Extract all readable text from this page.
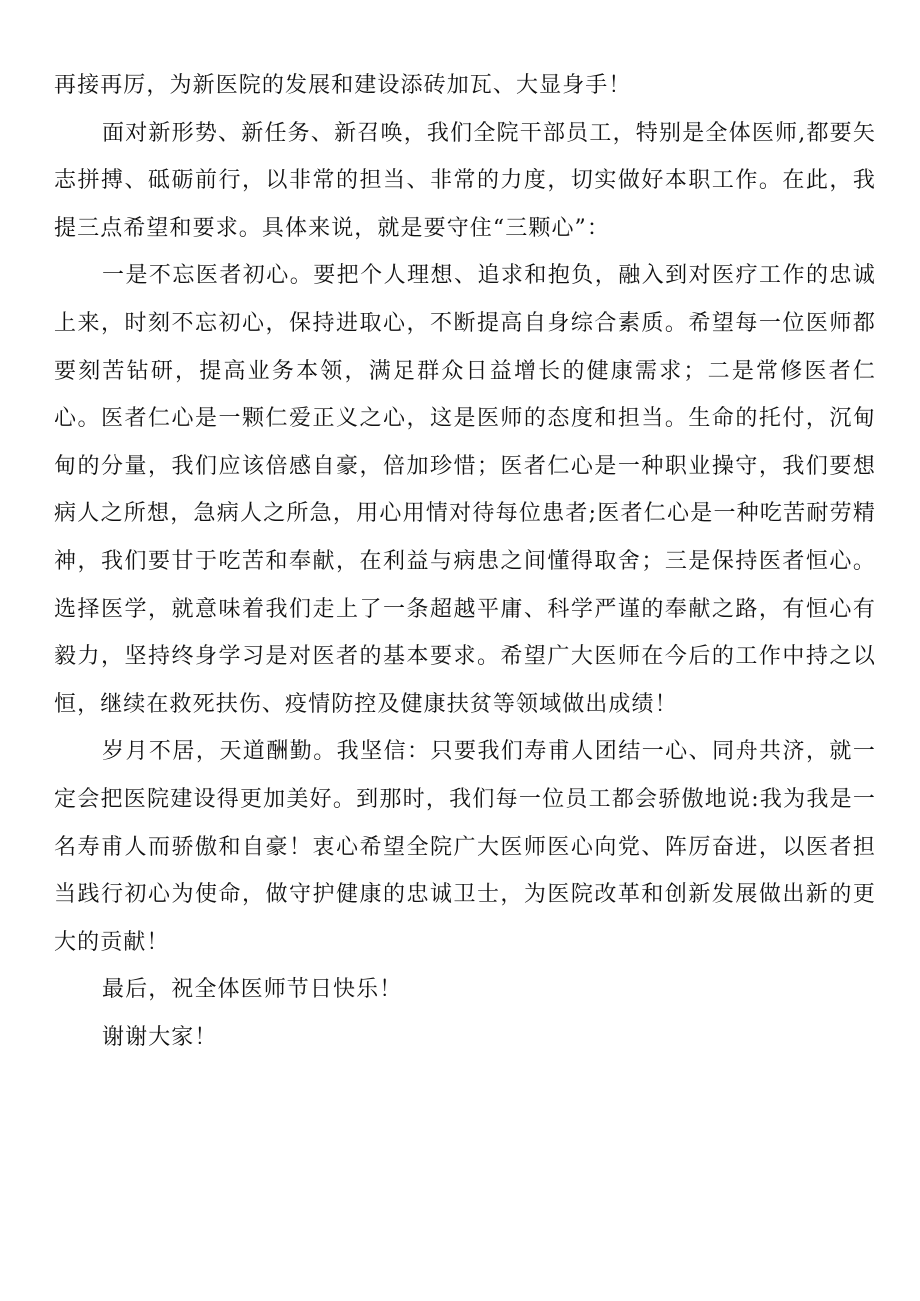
再接再厉，为新医院的发展和建设添砖加瓦、大显身手！

面对新形势、新任务、新召唤，我们全院干部员工，特别是全体医师,都要矢志拼搏、砥砺前行，以非常的担当、非常的力度，切实做好本职工作。在此，我提三点希望和要求。具体来说，就是要守住“三颗心”：

一是不忘医者初心。要把个人理想、追求和抱负，融入到对医疗工作的忠诚上来，时刻不忘初心，保持进取心，不断提高自身综合素质。希望每一位医师都要刻苦钻研，提高业务本领，满足群众日益增长的健康需求；二是常修医者仁心。医者仁心是一颗仁爱正义之心，这是医师的态度和担当。生命的托付，沉甸甸的分量，我们应该倍感自豪，倍加珍惜；医者仁心是一种职业操守，我们要想病人之所想，急病人之所急，用心用情对待每位患者;医者仁心是一种吃苦耐劳精神，我们要甘于吃苦和奉献，在利益与病患之间懂得取舍；三是保持医者恒心。选择医学，就意味着我们走上了一条超越平庸、科学严谨的奉献之路，有恒心有毅力，坚持终身学习是对医者的基本要求。希望广大医师在今后的工作中持之以恒，继续在救死扶伤、疫情防控及健康扶贫等领域做出成绩！

岁月不居，天道酬勤。我坚信：只要我们寿甫人团结一心、同舟共济，就一定会把医院建设得更加美好。到那时，我们每一位员工都会骄傲地说:我为我是一名寿甫人而骄傲和自豪！衷心希望全院广大医师医心向党、阵厉奋进，以医者担当践行初心为使命，做守护健康的忠诚卫士，为医院改革和创新发展做出新的更大的贡献！

最后，祝全体医师节日快乐！

谢谢大家！
